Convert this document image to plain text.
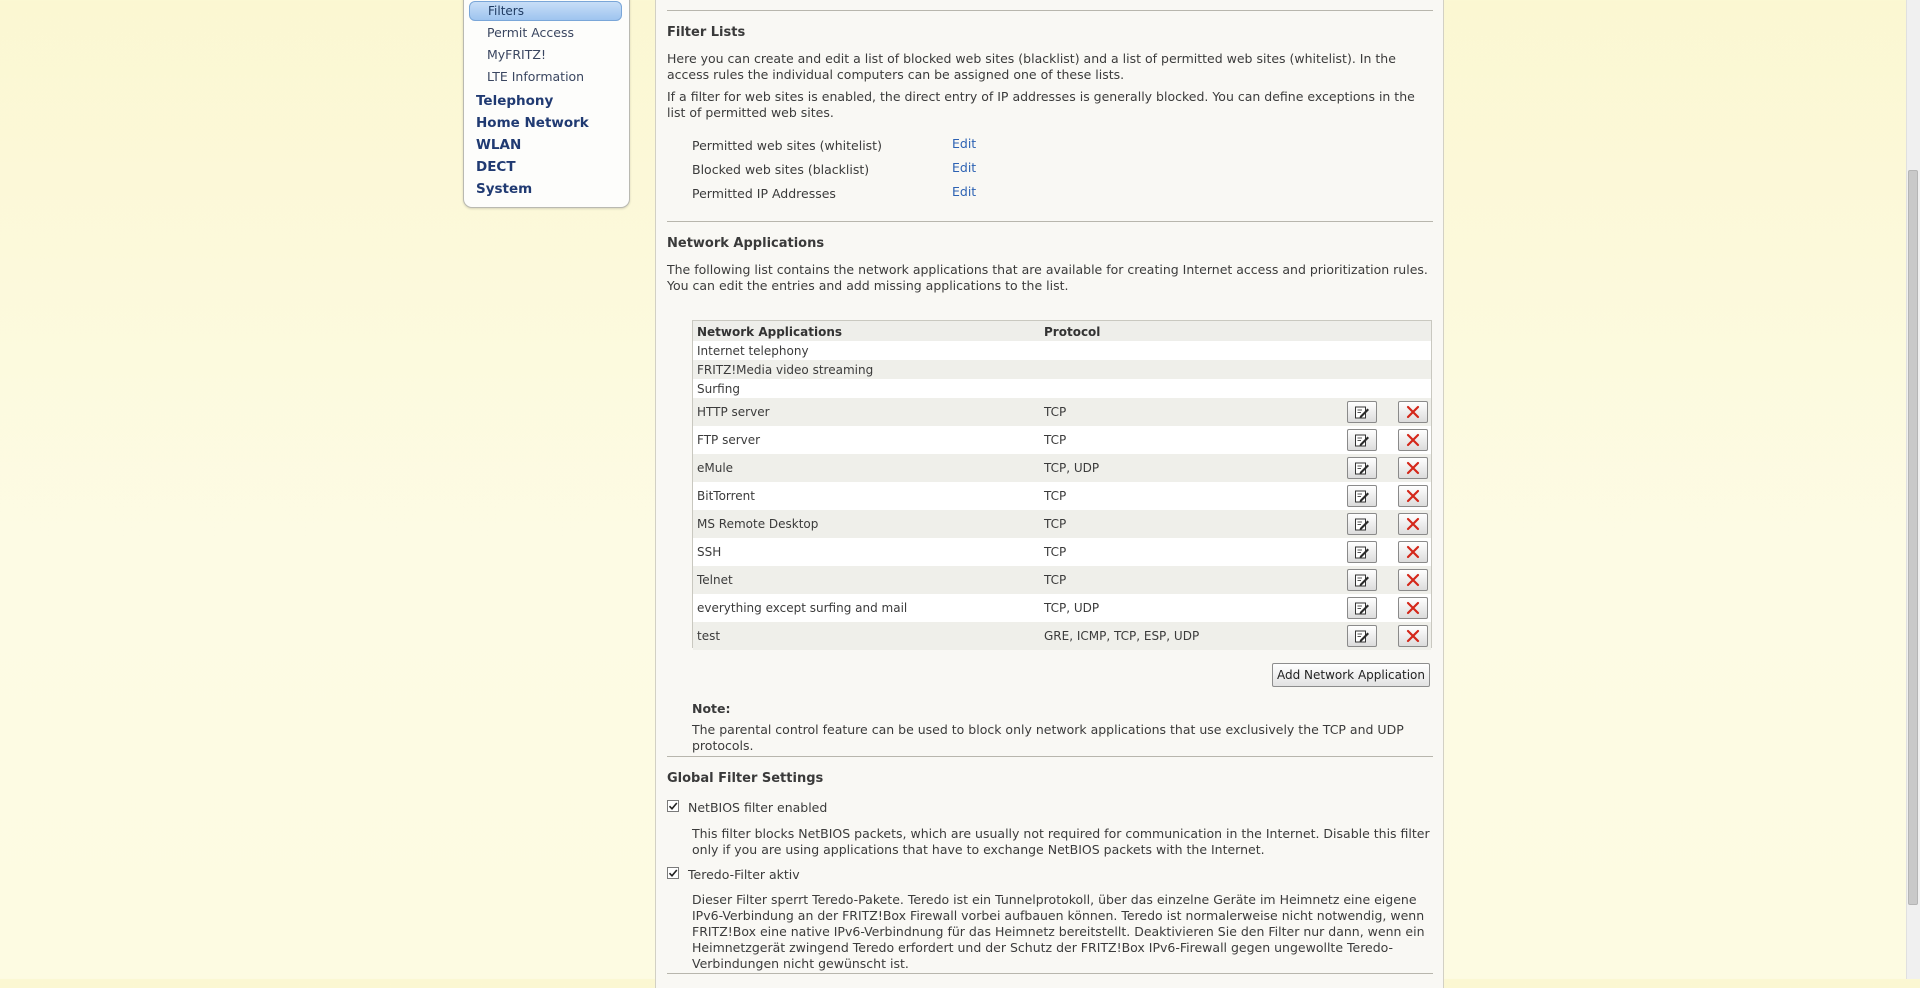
Filters
Permit Access
MyFRITZ!
LTE Information
Telephony
Home Network
WLAN
DECT
System
Filter Lists
Here you can create and edit a list of blocked web sites (blacklist) and a list of permitted web sites (whitelist). In the access rules the individual computers can be assigned one of these lists.
If a filter for web sites is enabled, the direct entry of IP addresses is generally blocked. You can define exceptions in the list of permitted web sites.
Permitted web sites (whitelist)	Edit
Blocked web sites (blacklist)	Edit
Permitted IP Addresses	Edit
Network Applications
The following list contains the network applications that are available for creating Internet access and prioritization rules. You can edit the entries and add missing applications to the list.
Network Applications	Protocol
Internet telephony
FRITZ!Media video streaming
Surfing
HTTP server	TCP
FTP server	TCP
eMule	TCP, UDP
BitTorrent	TCP
MS Remote Desktop	TCP
SSH	TCP
Telnet	TCP
everything except surfing and mail	TCP, UDP
test	GRE, ICMP, TCP, ESP, UDP
Add Network Application
Note:
The parental control feature can be used to block only network applications that use exclusively the TCP and UDP protocols.
Global Filter Settings
NetBIOS filter enabled
This filter blocks NetBIOS packets, which are usually not required for communication in the Internet. Disable this filter only if you are using applications that have to exchange NetBIOS packets with the Internet.
Teredo-Filter aktiv
Dieser Filter sperrt Teredo-Pakete. Teredo ist ein Tunnelprotokoll, über das einzelne Geräte im Heimnetz eine eigene IPv6-Verbindung an der FRITZ!Box Firewall vorbei aufbauen können. Teredo ist normalerweise nicht notwendig, wenn FRITZ!Box eine native IPv6-Verbindnung für das Heimnetz bereitstellt. Deaktivieren Sie den Filter nur dann, wenn ein Heimnetzgerät zwingend Teredo erfordert und der Schutz der FRITZ!Box IPv6-Firewall gegen ungewollte Teredo-Verbindungen nicht gewünscht ist.
